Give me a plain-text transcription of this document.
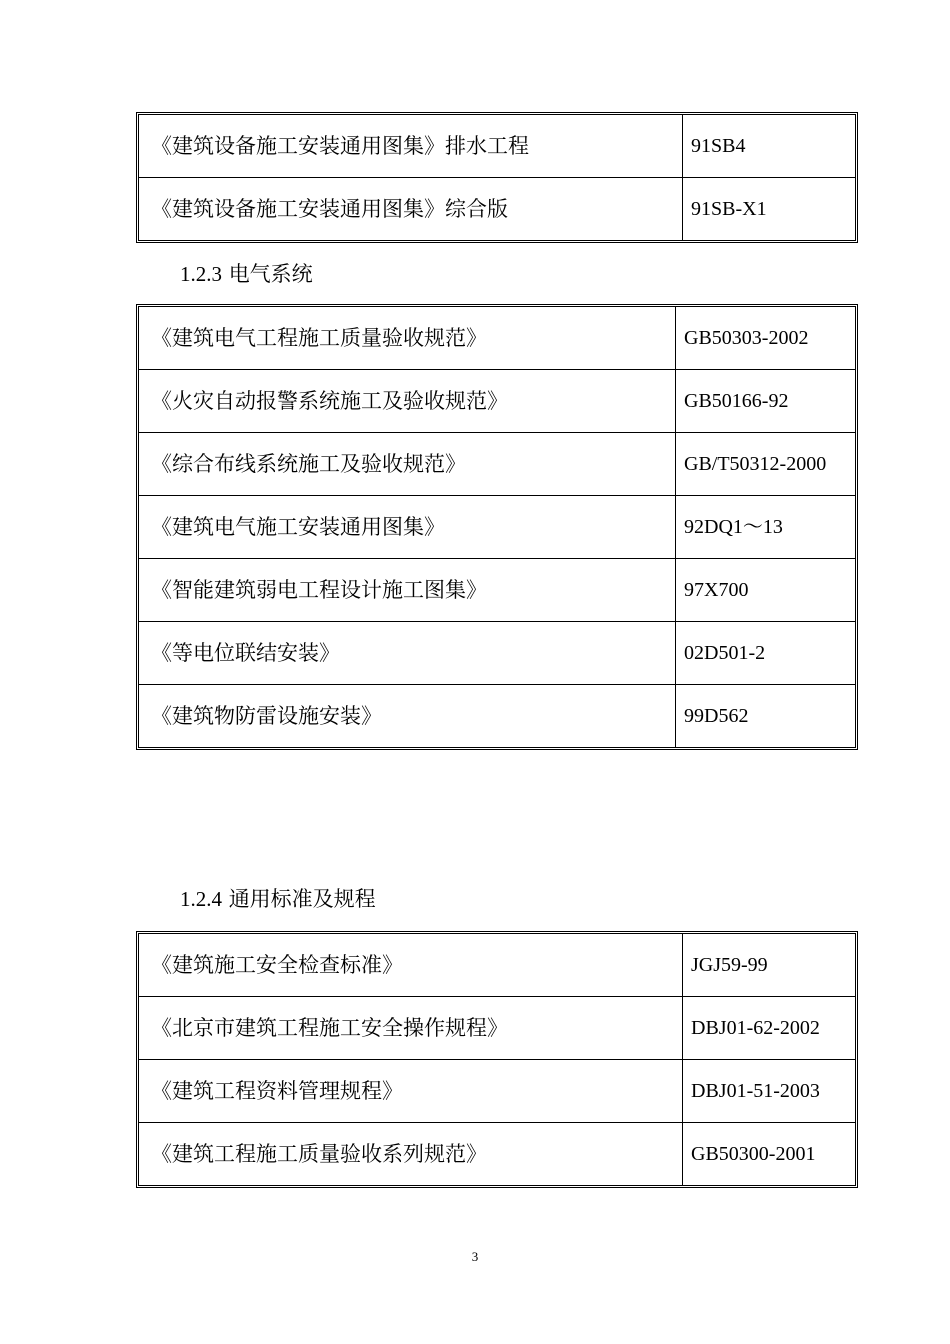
《建筑设备施工安装通用图集》排水工程	91SB4
《建筑设备施工安装通用图集》综合版	91SB-X1
1.2.3 电气系统
《建筑电气工程施工质量验收规范》	GB50303-2002
《火灾自动报警系统施工及验收规范》	GB50166-92
《综合布线系统施工及验收规范》	GB/T50312-2000
《建筑电气施工安装通用图集》	92DQ1～13
《智能建筑弱电工程设计施工图集》	97X700
《等电位联结安装》	02D501-2
《建筑物防雷设施安装》	99D562
1.2.4 通用标准及规程
《建筑施工安全检查标准》	JGJ59-99
《北京市建筑工程施工安全操作规程》	DBJ01-62-2002
《建筑工程资料管理规程》	DBJ01-51-2003
《建筑工程施工质量验收系列规范》	GB50300-2001
3
